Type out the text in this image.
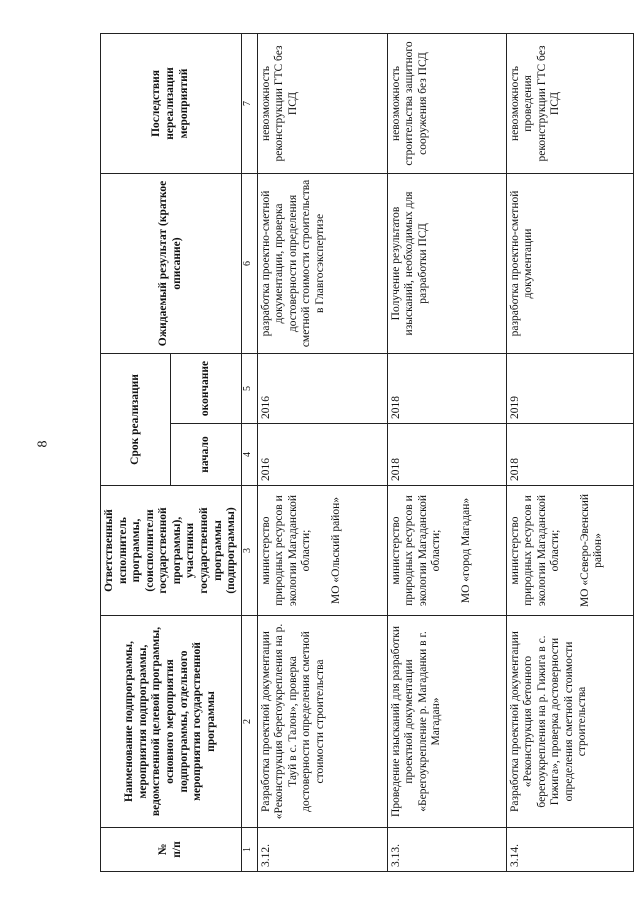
8
№
п/п	Наименование подпрограммы, мероприятия подпрограммы, ведомственной целевой программы, основного мероприятия подпрограммы, отдельного мероприятия государственной программы	Ответственный исполнитель программы, (соисполнители государственной программы), участники государственной программы (подпрограммы)	Срок реализации		Ожидаемый результат (краткое описание)	Последствия нереализации мероприятий
			начало	окончание		
1	2	3	4	5	6	7
3.12.	Разработка проектной документации «Реконструкция берегоукрепления на р. Тауй в с. Талон», проверка достоверности определения сметной стоимости строительства	министерство природных ресурсов и экологии Магаданской области; МО «Ольский район»	2016	2016	разработка проектно-сметной документации, проверка достоверности определения сметной стоимости строительства в Главгосэкспертизе	невозможность реконструкции ГТС без ПСД
3.13.	Проведение изысканий для разработки проектной документации «Берегоукрепление р. Магаданки в г. Магадан»	министерство природных ресурсов и экологии Магаданской области; МО «город Магадан»	2018	2018	Получение результатов изысканий, необходимых для разработки ПСД	невозможность строительства защитного сооружения без ПСД
3.14.	Разработка проектной документации «Реконструкция бетонного берегоукрепления на р. Гижига в с. Гижига», проверка достоверности определения сметной стоимости строительства	министерство природных ресурсов и экологии Магаданской области; МО «Северо-Эвенский район»	2018	2019	разработка проектно-сметной документации	невозможность проведения реконструкции ГТС без ПСД
